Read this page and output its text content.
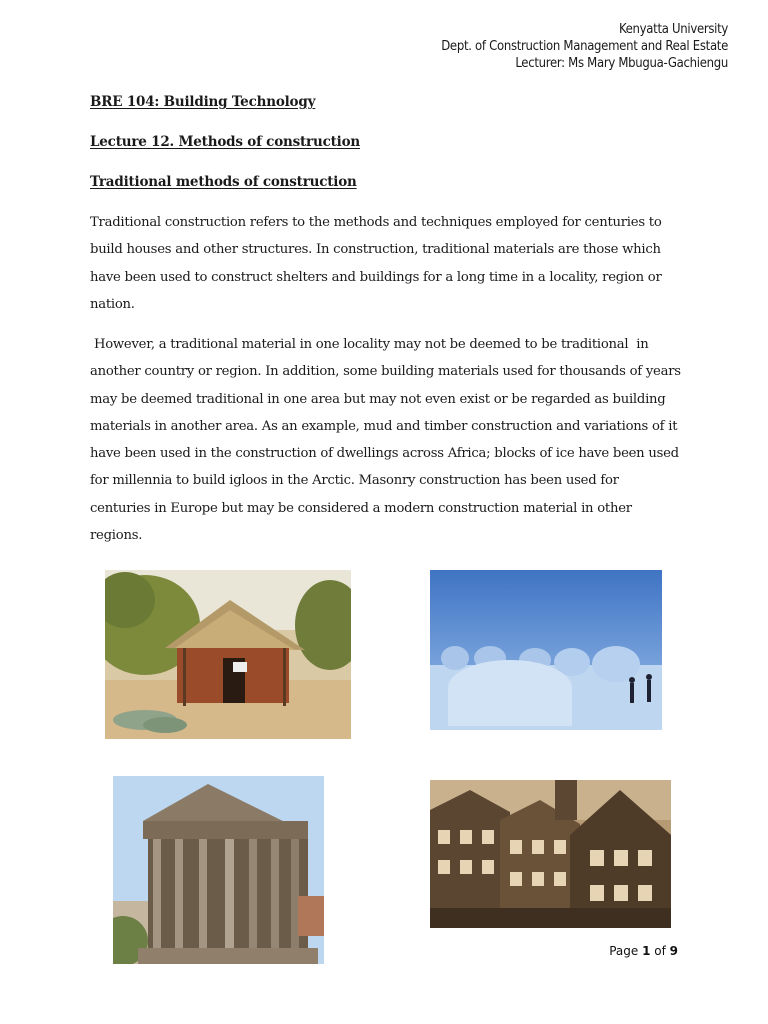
Kenyatta University
Dept. of Construction Management and Real Estate
Lecturer: Ms Mary Mbugua-Gachiengu
BRE 104: Building Technology
Lecture 12. Methods of construction
Traditional methods of construction
Traditional construction refers to the methods and techniques employed for centuries to
build houses and other structures. In construction, traditional materials are those which
have been used to construct shelters and buildings for a long time in a locality, region or
nation.
However, a traditional material in one locality may not be deemed to be traditional  in
another country or region. In addition, some building materials used for thousands of years
may be deemed traditional in one area but may not even exist or be regarded as building
materials in another area. As an example, mud and timber construction and variations of it
have been used in the construction of dwellings across Africa; blocks of ice have been used
for millennia to build igloos in the Arctic. Masonry construction has been used for
centuries in Europe but may be considered a modern construction material in other
regions.
Page 1 of 9
